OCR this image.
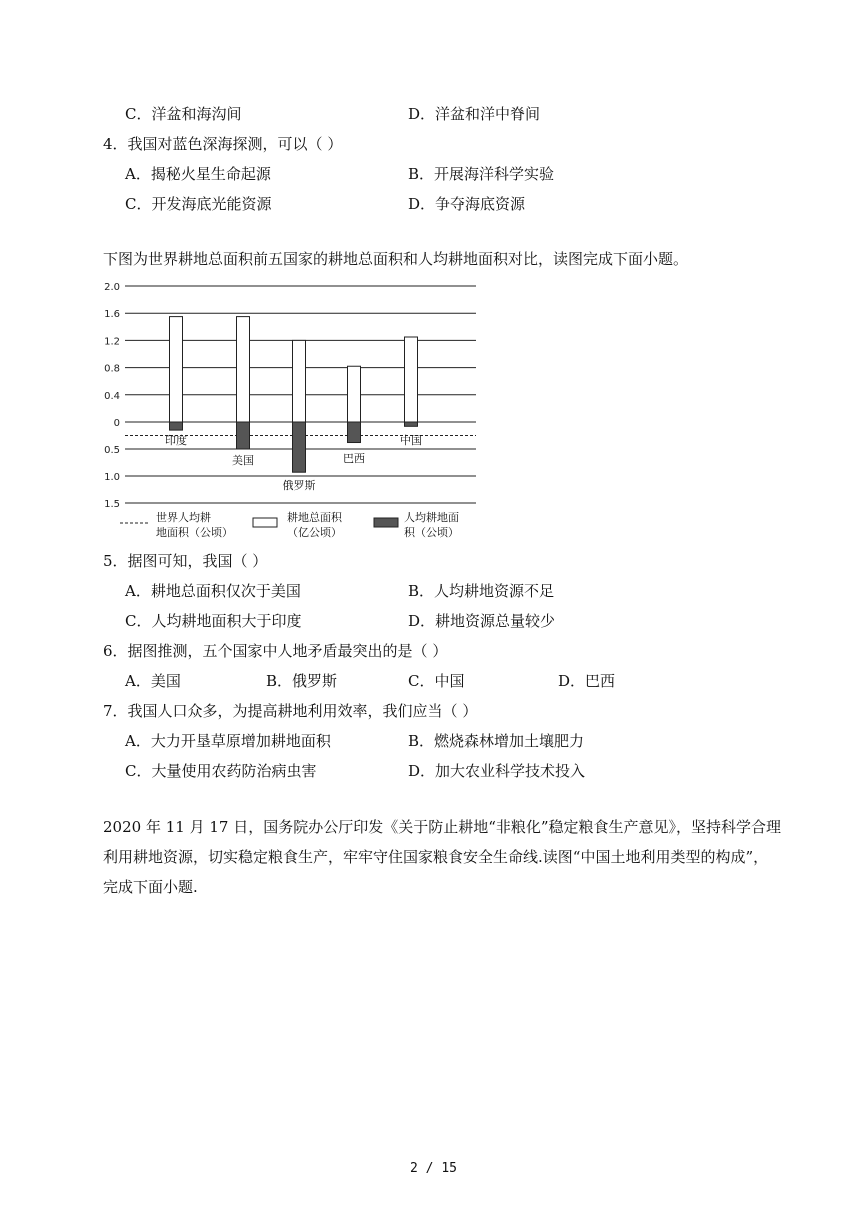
C．洋盆和海沟间	D．洋盆和洋中脊间
4．我国对蓝色深海探测，可以（ ）
A．揭秘火星生命起源	B．开展海洋科学实验
C．开发海底光能资源	D．争夺海底资源
下图为世界耕地总面积前五国家的耕地总面积和人均耕地面积对比，读图完成下面小题。
2.0
1.6
1.2
0.8
0.4
0
0.5
1.0
1.5
印度
美国
俄罗斯
巴西
中国
世界人均耕
地面积（公顷）
耕地总面积
（亿公顷）
人均耕地面
积（公顷）
5．据图可知，我国（ ）
A．耕地总面积仅次于美国	B．人均耕地资源不足
C．人均耕地面积大于印度	D．耕地资源总量较少
6．据图推测，五个国家中人地矛盾最突出的是（ ）
A．美国	B．俄罗斯	C．中国	D．巴西
7．我国人口众多，为提高耕地利用效率，我们应当（ ）
A．大力开垦草原增加耕地面积	B．燃烧森林增加土壤肥力
C．大量使用农药防治病虫害	D．加大农业科学技术投入
2020 年 11 月 17 日，国务院办公厅印发《关于防止耕地“非粮化”稳定粮食生产意见》，坚持科学合理利用耕地资源，切实稳定粮食生产，牢牢守住国家粮食安全生命线.读图“中国土地利用类型的构成”，完成下面小题.
2 / 15
